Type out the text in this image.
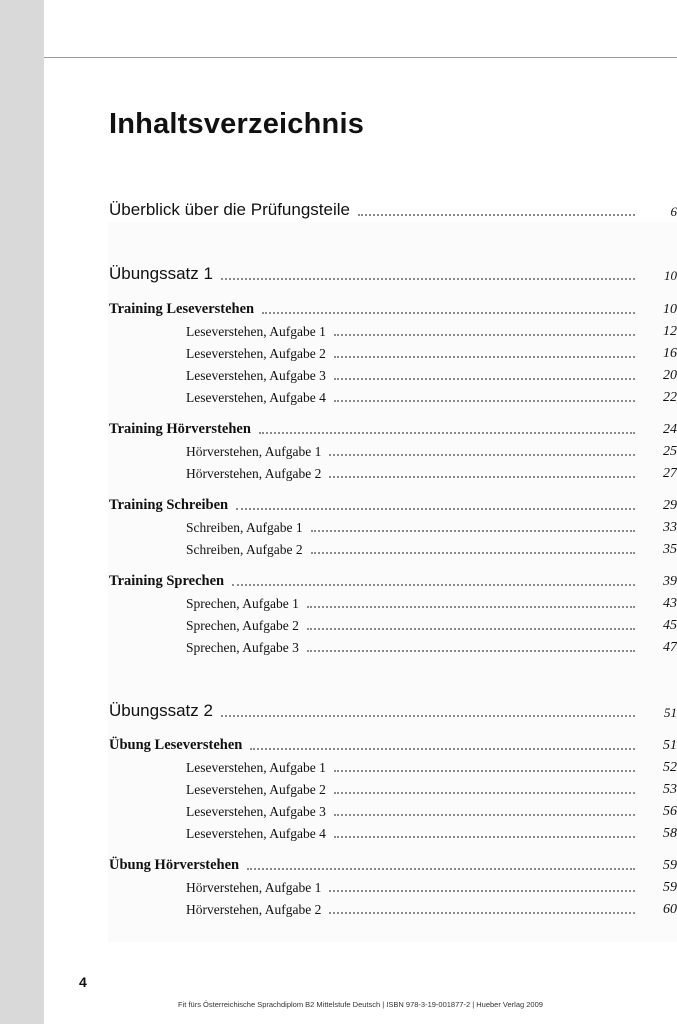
Inhaltsverzeichnis
Überblick über die Prüfungsteile	6
Übungssatz 1	10
Training Leseverstehen	10
Leseverstehen, Aufgabe 1	12
Leseverstehen, Aufgabe 2	16
Leseverstehen, Aufgabe 3	20
Leseverstehen, Aufgabe 4	22
Training Hörverstehen	24
Hörverstehen, Aufgabe 1	25
Hörverstehen, Aufgabe 2	27
Training Schreiben	29
Schreiben, Aufgabe 1	33
Schreiben, Aufgabe 2	35
Training Sprechen	39
Sprechen, Aufgabe 1	43
Sprechen, Aufgabe 2	45
Sprechen, Aufgabe 3	47
Übungssatz 2	51
Übung Leseverstehen	51
Leseverstehen, Aufgabe 1	52
Leseverstehen, Aufgabe 2	53
Leseverstehen, Aufgabe 3	56
Leseverstehen, Aufgabe 4	58
Übung Hörverstehen	59
Hörverstehen, Aufgabe 1	59
Hörverstehen, Aufgabe 2	60
4
Fit fürs Österreichische Sprachdiplom B2 Mittelstufe Deutsch | ISBN 978-3-19-001877-2 | Hueber Verlag 2009
